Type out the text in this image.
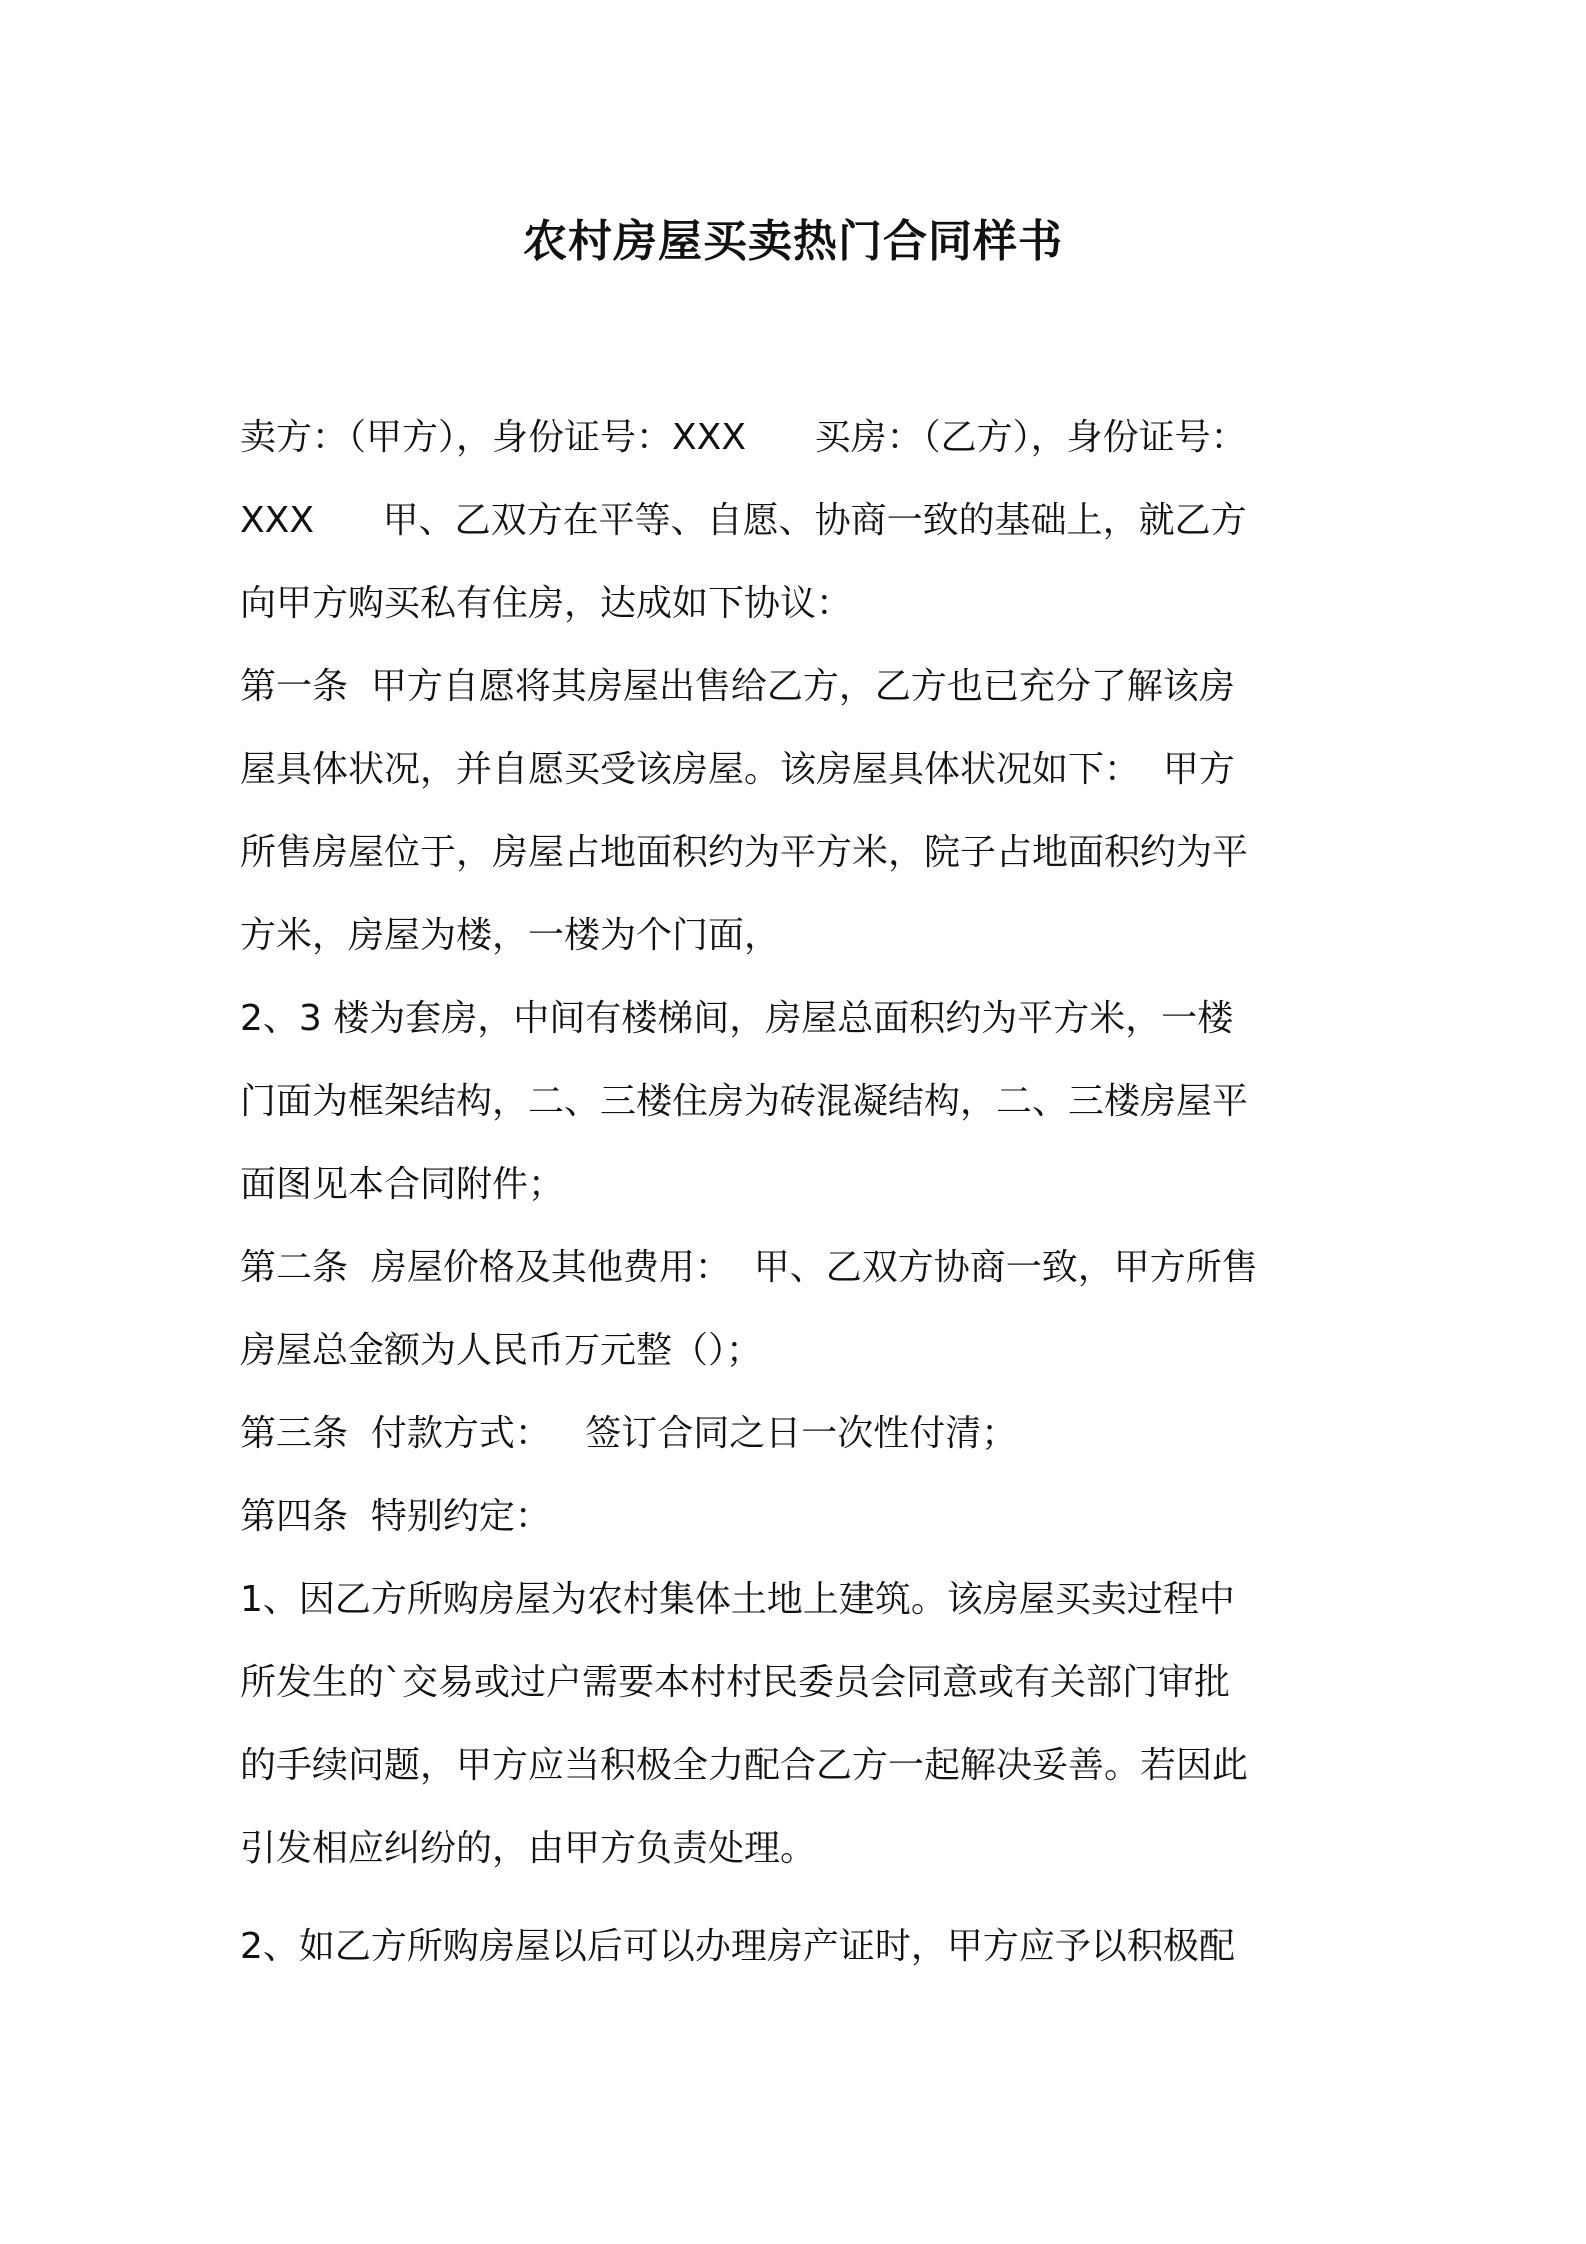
农村房屋买卖热门合同样书
卖方：（甲方），身份证号：XXX      买房：（乙方），身份证号：
XXX      甲、乙双方在平等、自愿、协商一致的基础上，就乙方
向甲方购买私有住房，达成如下协议：
第一条  甲方自愿将其房屋出售给乙方，乙方也已充分了解该房
屋具体状况，并自愿买受该房屋。该房屋具体状况如下：  甲方
所售房屋位于，房屋占地面积约为平方米，院子占地面积约为平
方米，房屋为楼，一楼为个门面，
2、3 楼为套房，中间有楼梯间，房屋总面积约为平方米，一楼
门面为框架结构，二、三楼住房为砖混凝结构，二、三楼房屋平
面图见本合同附件；
第二条  房屋价格及其他费用：  甲、乙双方协商一致，甲方所售
房屋总金额为人民币万元整（）；
第三条  付款方式：   签订合同之日一次性付清；
第四条  特别约定：
1、因乙方所购房屋为农村集体土地上建筑。该房屋买卖过程中
所发生的`交易或过户需要本村村民委员会同意或有关部门审批
的手续问题，甲方应当积极全力配合乙方一起解决妥善。若因此
引发相应纠纷的，由甲方负责处理。
2、如乙方所购房屋以后可以办理房产证时，甲方应予以积极配
